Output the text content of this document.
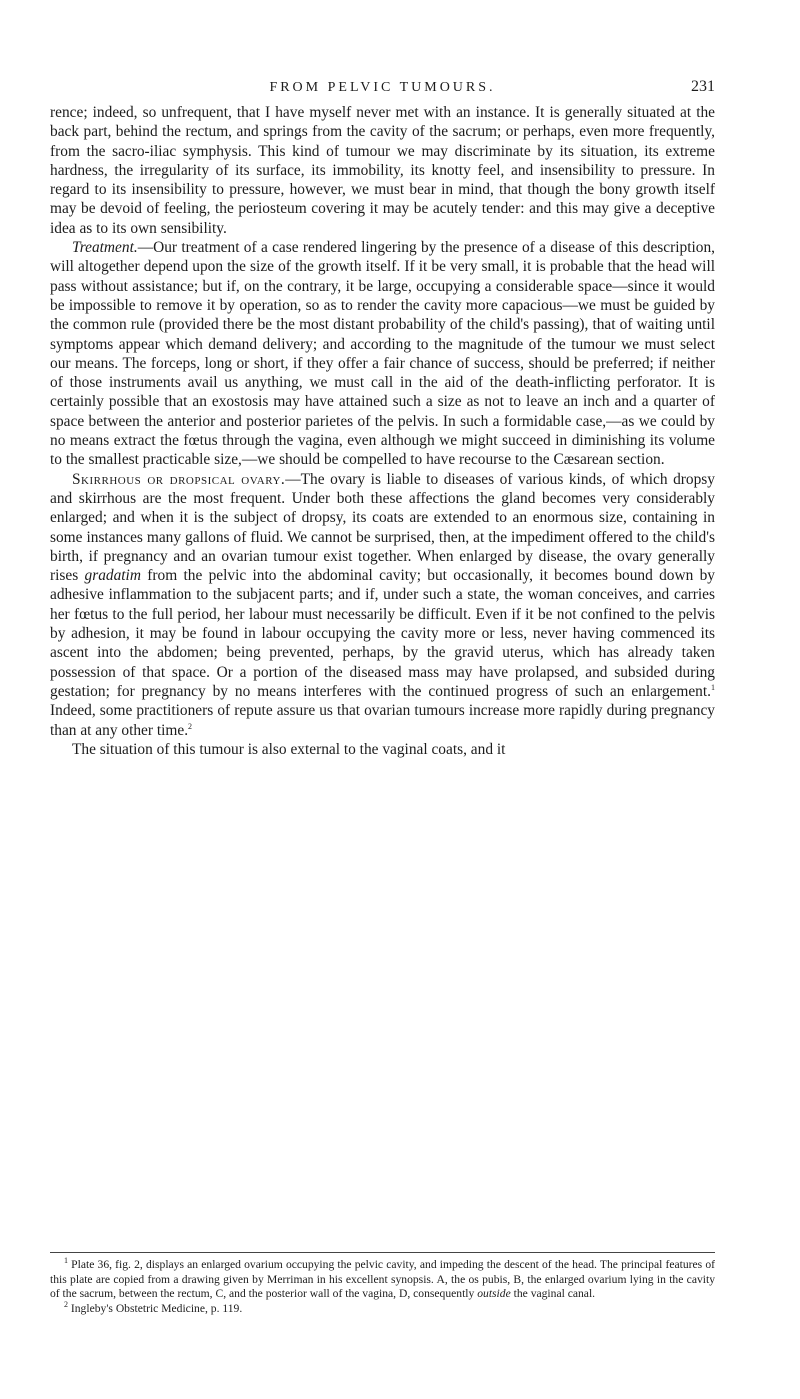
FROM PELVIC TUMOURS.	231

rence; indeed, so unfrequent, that I have myself never met with an instance. It is generally situated at the back part, behind the rectum, and springs from the cavity of the sacrum; or perhaps, even more frequently, from the sacro-iliac symphysis. This kind of tumour we may discriminate by its situation, its extreme hardness, the irregularity of its surface, its immobility, its knotty feel, and insensibility to pressure. In regard to its insensibility to pressure, however, we must bear in mind, that though the bony growth itself may be devoid of feeling, the periosteum covering it may be acutely tender: and this may give a deceptive idea as to its own sensibility.

Treatment.—Our treatment of a case rendered lingering by the presence of a disease of this description, will altogether depend upon the size of the growth itself. If it be very small, it is probable that the head will pass without assistance; but if, on the contrary, it be large, occupying a considerable space—since it would be impossible to remove it by operation, so as to render the cavity more capacious—we must be guided by the common rule (provided there be the most distant probability of the child's passing), that of waiting until symptoms appear which demand delivery; and according to the magnitude of the tumour we must select our means. The forceps, long or short, if they offer a fair chance of success, should be preferred; if neither of those instruments avail us anything, we must call in the aid of the death-inflicting perforator. It is certainly possible that an exostosis may have attained such a size as not to leave an inch and a quarter of space between the anterior and posterior parietes of the pelvis. In such a formidable case,—as we could by no means extract the fœtus through the vagina, even although we might succeed in diminishing its volume to the smallest practicable size,—we should be compelled to have recourse to the Cæsarean section.

Skirrhous or dropsical ovary.—The ovary is liable to diseases of various kinds, of which dropsy and skirrhous are the most frequent. Under both these affections the gland becomes very considerably enlarged; and when it is the subject of dropsy, its coats are extended to an enormous size, containing in some instances many gallons of fluid. We cannot be surprised, then, at the impediment offered to the child's birth, if pregnancy and an ovarian tumour exist together. When enlarged by disease, the ovary generally rises gradatim from the pelvic into the abdominal cavity; but occasionally, it becomes bound down by adhesive inflammation to the subjacent parts; and if, under such a state, the woman conceives, and carries her fœtus to the full period, her labour must necessarily be difficult. Even if it be not confined to the pelvis by adhesion, it may be found in labour occupying the cavity more or less, never having commenced its ascent into the abdomen; being prevented, perhaps, by the gravid uterus, which has already taken possession of that space. Or a portion of the diseased mass may have prolapsed, and subsided during gestation; for pregnancy by no means interferes with the continued progress of such an enlargement.$^1$ Indeed, some practitioners of repute assure us that ovarian tumours increase more rapidly during pregnancy than at any other time.$^2$

The situation of this tumour is also external to the vaginal coats, and it

$^1$ Plate 36, fig. 2, displays an enlarged ovarium occupying the pelvic cavity, and impeding the descent of the head. The principal features of this plate are copied from a drawing given by Merriman in his excellent synopsis. A, the os pubis, B, the enlarged ovarium lying in the cavity of the sacrum, between the rectum, C, and the posterior wall of the vagina, D, consequently outside the vaginal canal.

$^2$ Ingleby's Obstetric Medicine, p. 119.
